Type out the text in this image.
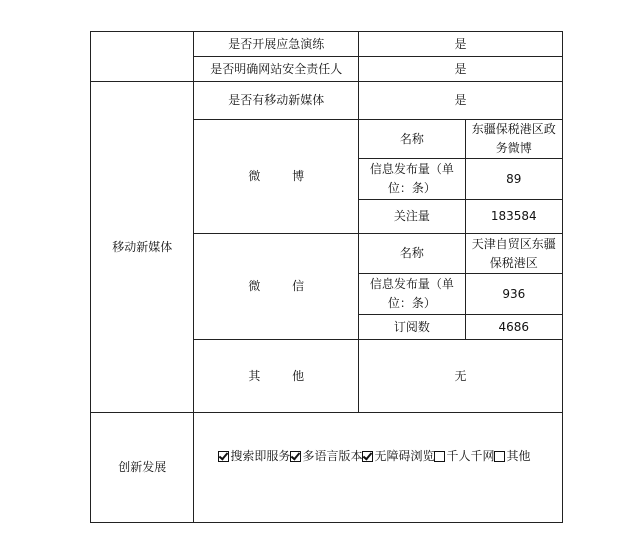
	是否开展应急演练	是	
	是否明确网站安全责任人	是	
移动新媒体	是否有移动新媒体	是	
	微 博	名称	东疆保税港区政务微博
		信息发布量（单位：条）	89
		关注量	183584
	微 信	名称	天津自贸区东疆保税港区
		信息发布量（单位：条）	936
		订阅数	4686
	其 他	无	
创新发展	搜索即服务 多语言版本 无障碍浏览 千人千网 其他		
